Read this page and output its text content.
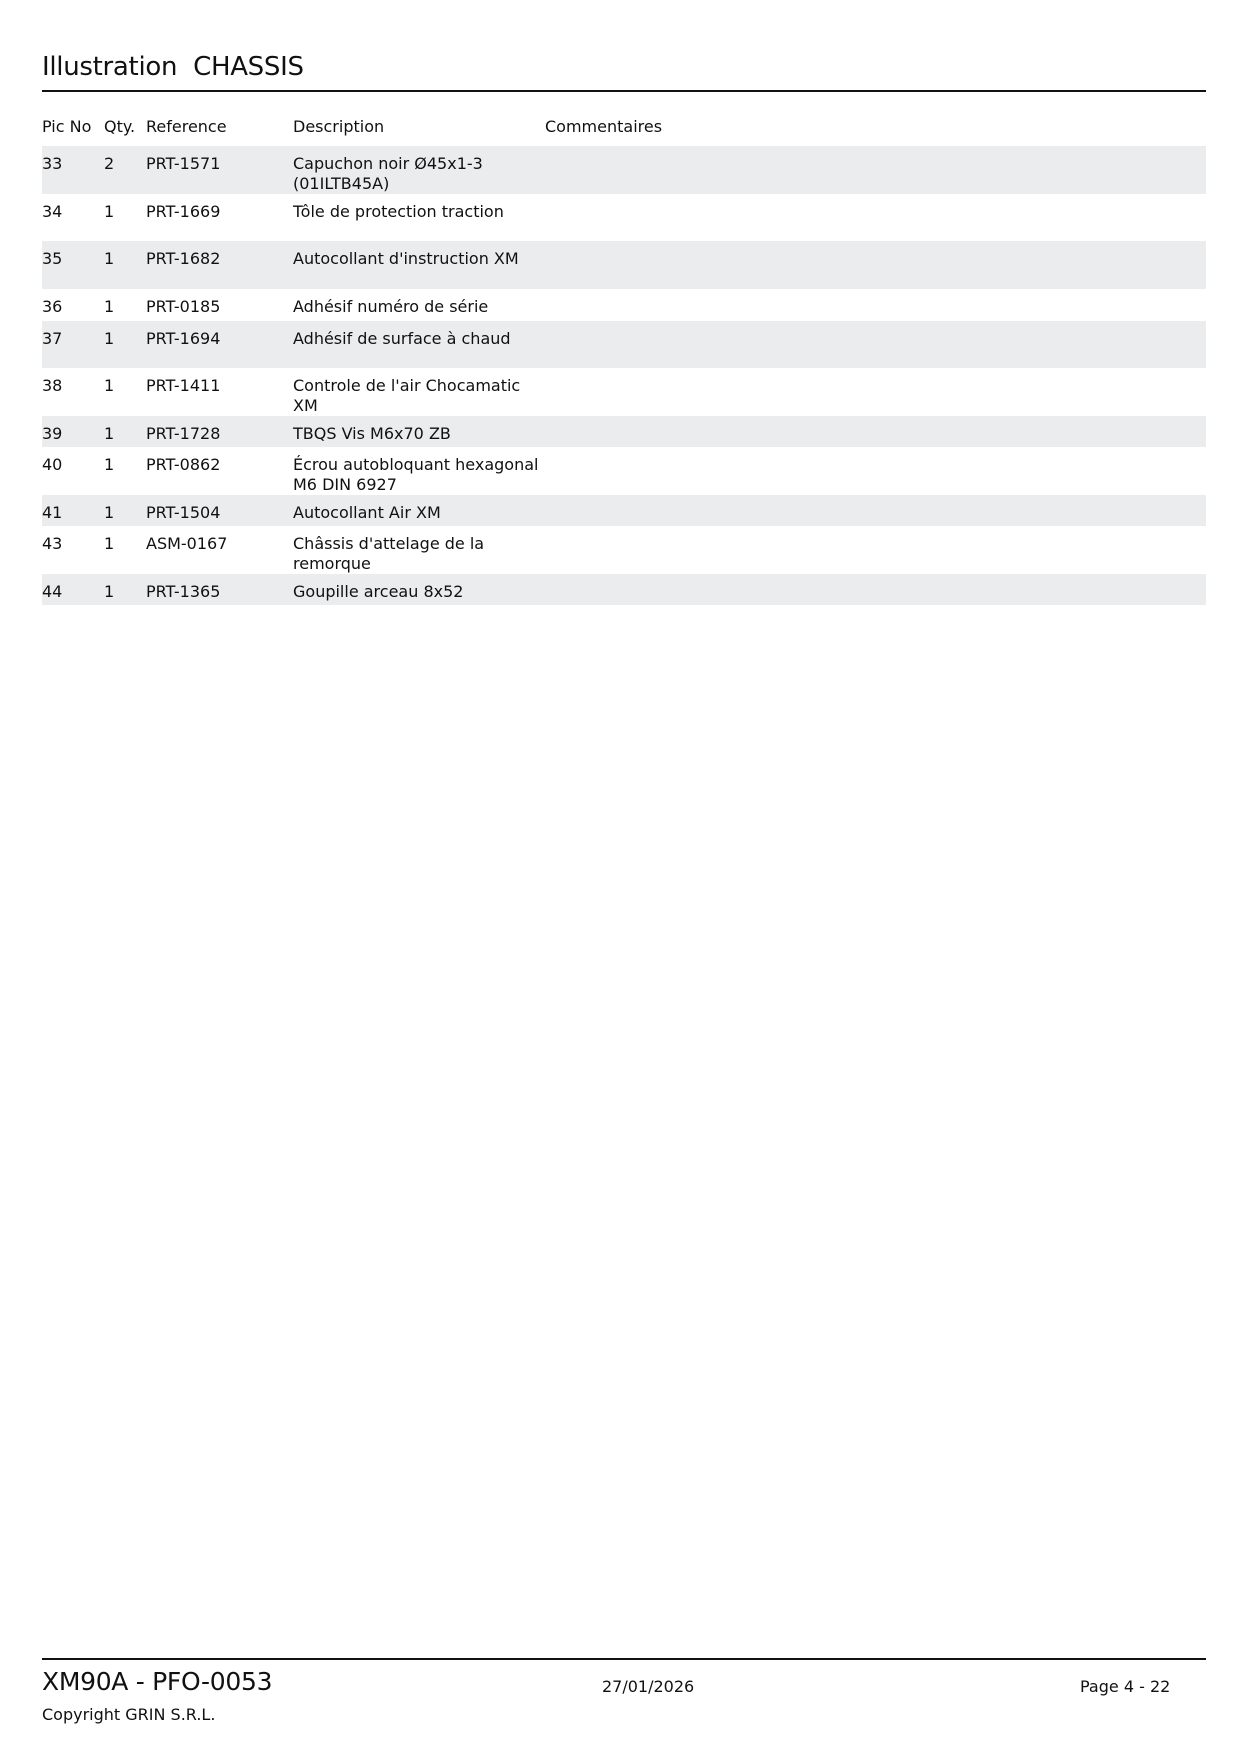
Illustration  CHASSIS
Pic No Qty. Reference	Description	Commentaires
33	2 PRT-1571	Capuchon noir Ø45x1-3
(01ILTB45A)
34	1 PRT-1669	Tôle de protection traction
35	1 PRT-1682	Autocollant d'instruction XM
36	1 PRT-0185	Adhésif numéro de série
37	1 PRT-1694	Adhésif de surface à chaud
38	1 PRT-1411	Controle de l'air Chocamatic XM
39	1 PRT-1728	TBQS Vis M6x70 ZB
40	1 PRT-0862	Écrou autobloquant hexagonal
M6 DIN 6927
41	1 PRT-1504	Autocollant Air XM
43	1 ASM-0167	Châssis d'attelage de la remorque
44	1 PRT-1365	Goupille arceau 8x52
XM90A - PFO-0053	27/01/2026	Page 4 - 22
Copyright GRIN S.R.L.
